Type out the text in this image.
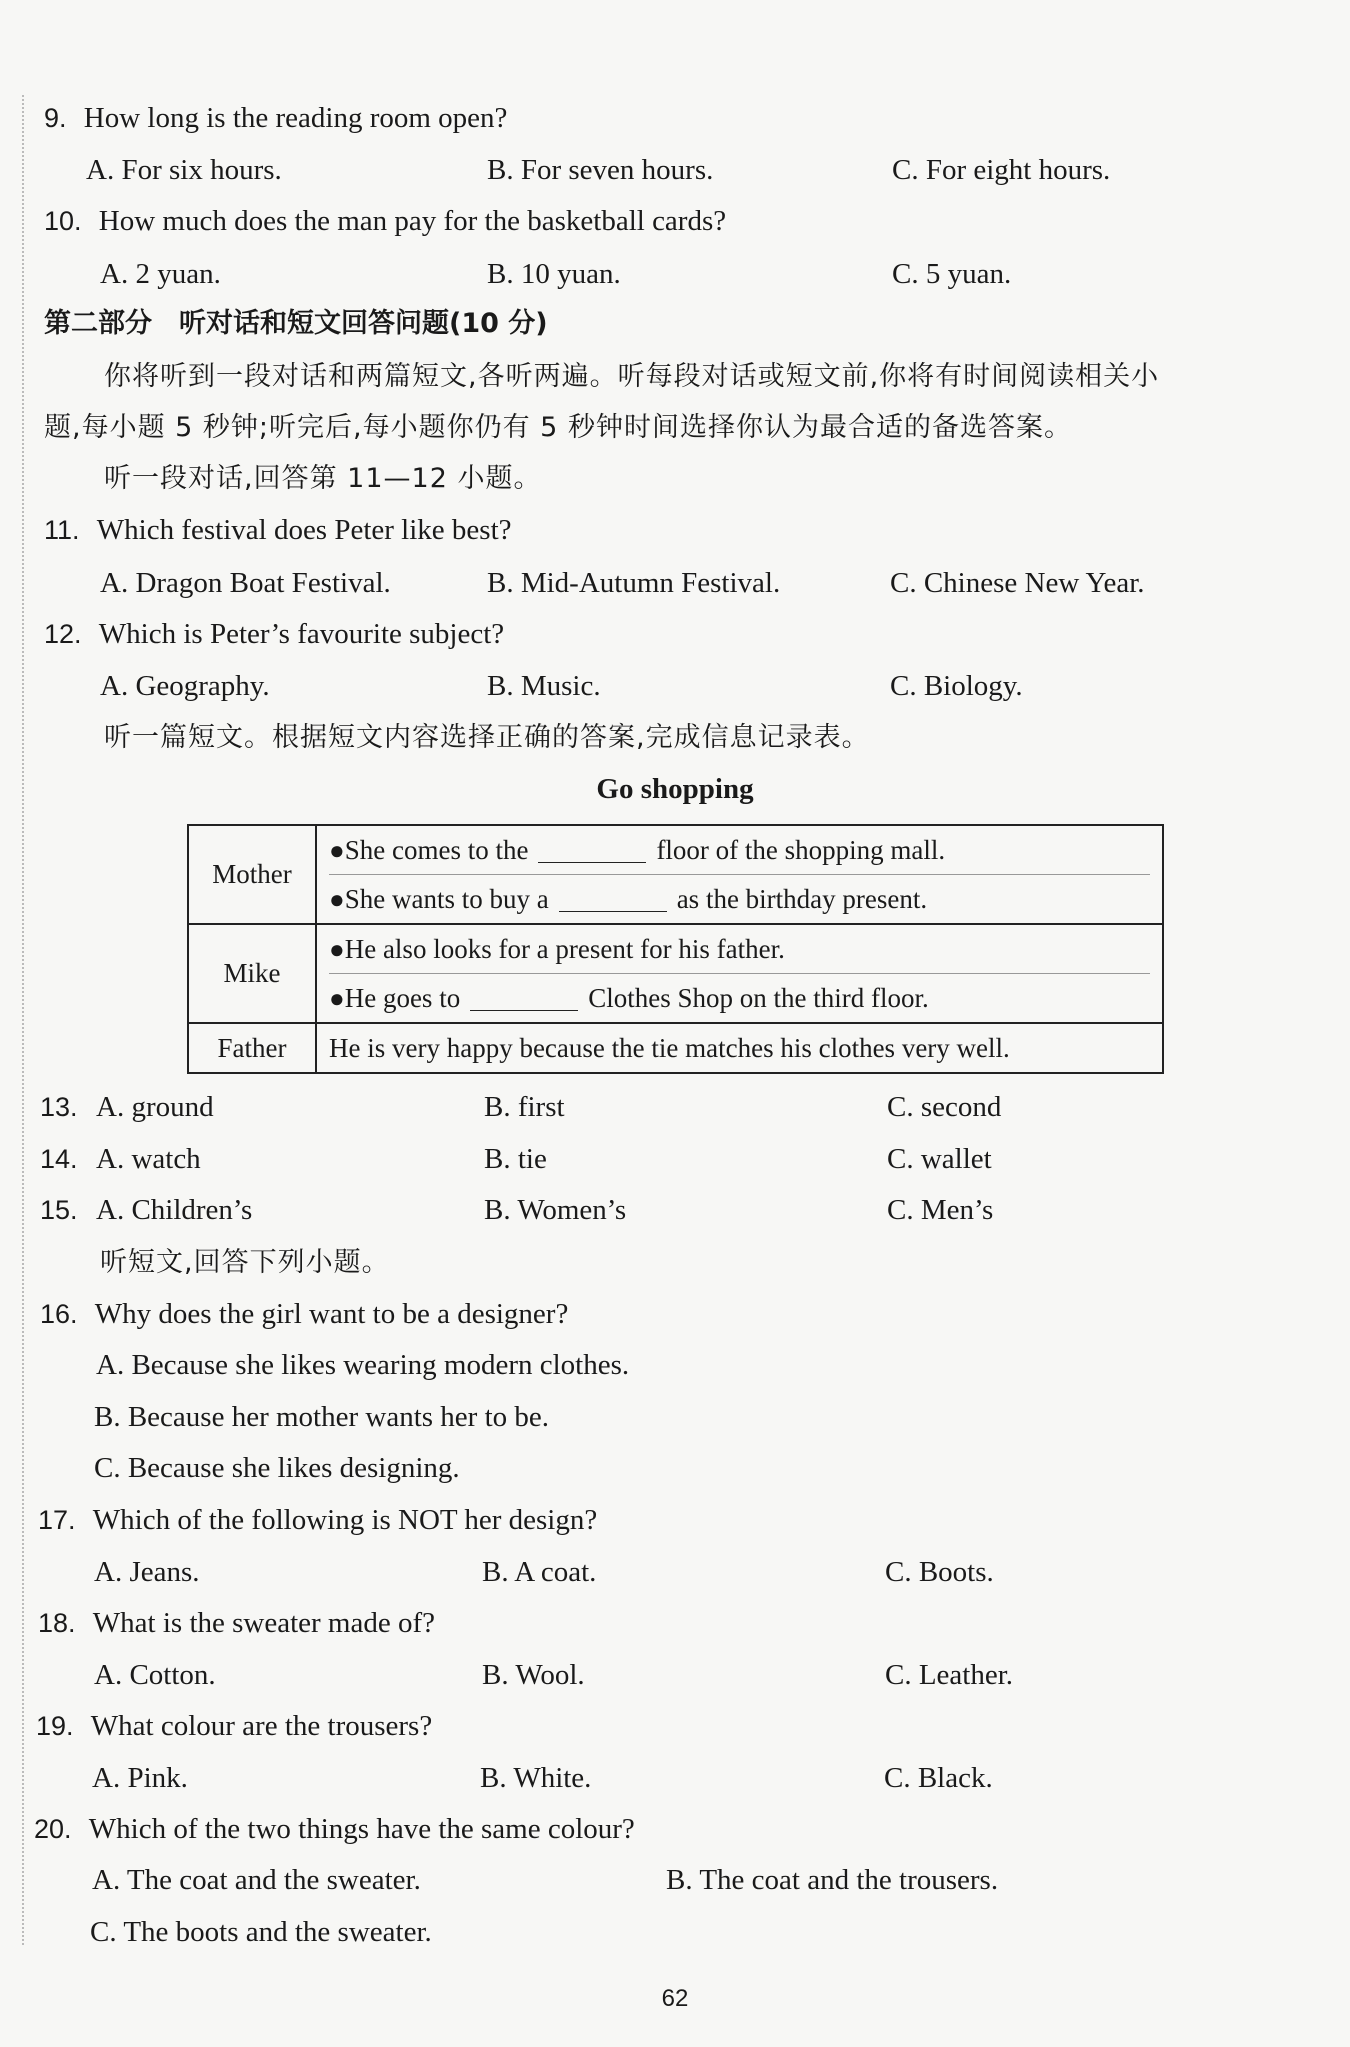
9. How long is the reading room open?
A. For six hours.	B. For seven hours.	C. For eight hours.
10. How much does the man pay for the basketball cards?
A. 2 yuan.	B. 10 yuan.	C. 5 yuan.
第二部分　听对话和短文回答问题(10 分)
你将听到一段对话和两篇短文,各听两遍。听每段对话或短文前,你将有时间阅读相关小
题,每小题 5 秒钟;听完后,每小题你仍有 5 秒钟时间选择你认为最合适的备选答案。
听一段对话,回答第 11—12 小题。
11. Which festival does Peter like best?
A. Dragon Boat Festival.	B. Mid-Autumn Festival.	C. Chinese New Year.
12. Which is Peter’s favourite subject?
A. Geography.	B. Music.	C. Biology.
听一篇短文。根据短文内容选择正确的答案,完成信息记录表。
Go shopping
Mother	●She comes to the floor of the shopping mall.
●She wants to buy a as the birthday present.

Mike	●He also looks for a present for his father.
●He goes to Clothes Shop on the third floor.

Father	He is very happy because the tie matches his clothes very well.
13. A. ground	B. first	C. second
14. A. watch	B. tie	C. wallet
15. A. Children’s	B. Women’s	C. Men’s
听短文,回答下列小题。
16. Why does the girl want to be a designer?
A. Because she likes wearing modern clothes.
B. Because her mother wants her to be.
C. Because she likes designing.
17. Which of the following is NOT her design?
A. Jeans.	B. A coat.	C. Boots.
18. What is the sweater made of?
A. Cotton.	B. Wool.	C. Leather.
19. What colour are the trousers?
A. Pink.	B. White.	C. Black.
20. Which of the two things have the same colour?
A. The coat and the sweater.	B. The coat and the trousers.
C. The boots and the sweater.
62
